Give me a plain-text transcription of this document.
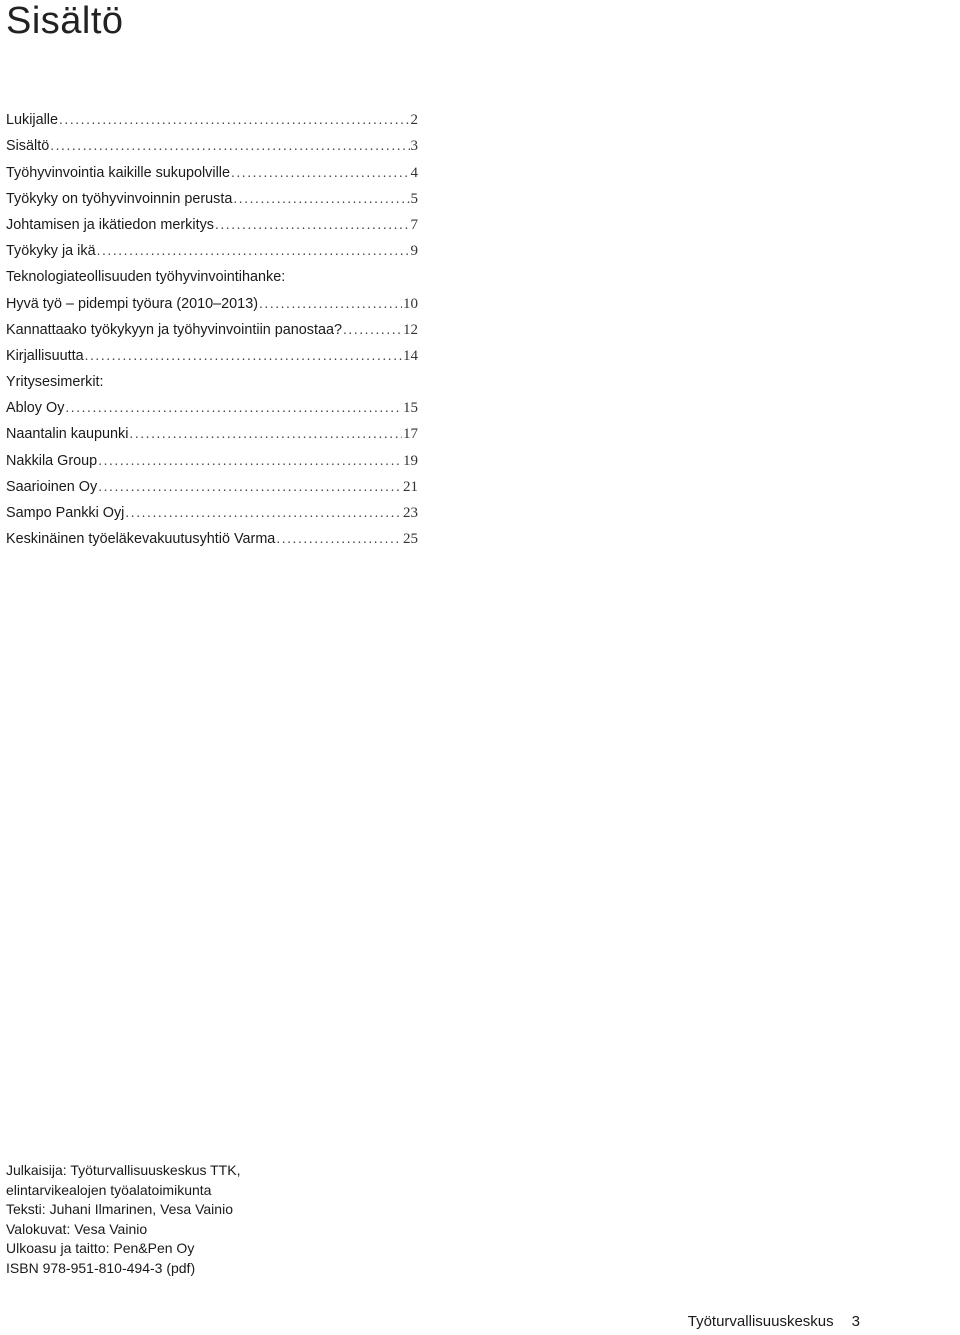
Sisältö
Lukijalle .....	2
Sisältö .....	3
Työhyvinvointia kaikille sukupolville .....	4
Työkyky on työhyvinvoinnin perusta .....	5
Johtamisen ja ikätiedon merkitys .....	7
Työkyky ja ikä .....	9
Teknologiateollisuuden työhyvinvointihanke:
Hyvä työ – pidempi työura (2010–2013) .....	10
Kannattaako työkykyyn ja työhyvinvointiin panostaa? .....	12
Kirjallisuutta .....	14
Yritysesimerkit:
Abloy Oy .....	15
Naantalin kaupunki .....	17
Nakkila Group .....	19
Saarioinen Oy .....	21
Sampo Pankki Oyj .....	23
Keskinäinen työeläkevakuutusyhtiö Varma .....	25
Julkaisija: Työturvallisuuskeskus TTK,
elintarvikealojen työalatoimikunta
Teksti: Juhani Ilmarinen, Vesa Vainio
Valokuvat: Vesa Vainio
Ulkoasu ja taitto: Pen&Pen Oy
ISBN 978-951-810-494-3 (pdf)
Työturvallisuuskeskus 3
